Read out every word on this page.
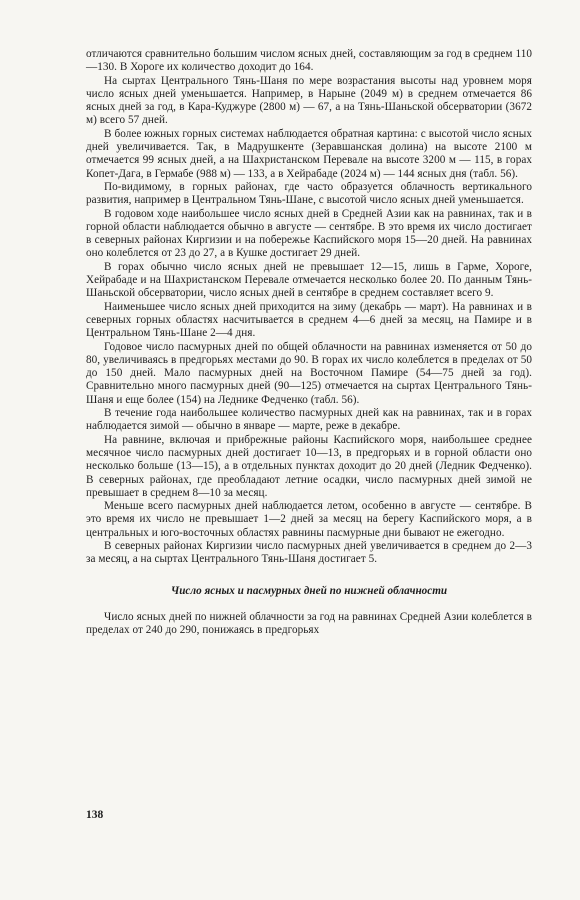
отличаются сравнительно большим числом ясных дней, составляющим за год в среднем 110—130. В Хороге их количество доходит до 164.

На сыртах Центрального Тянь-Шаня по мере возрастания высоты над уровнем моря число ясных дней уменьшается. Например, в Нарыне (2049 м) в среднем отмечается 86 ясных дней за год, в Кара-Куджуре (2800 м) — 67, а на Тянь-Шаньской обсерватории (3672 м) всего 57 дней.

В более южных горных системах наблюдается обратная картина: с высотой число ясных дней увеличивается. Так, в Мадрушкенте (Зеравшанская долина) на высоте 2100 м отмечается 99 ясных дней, а на Шахристанском Перевале на высоте 3200 м — 115, в горах Копет-Дага, в Гермабе (988 м) — 133, а в Хейрабаде (2024 м) — 144 ясных дня (табл. 56).

По-видимому, в горных районах, где часто образуется облачность вертикального развития, например в Центральном Тянь-Шане, с высотой число ясных дней уменьшается.

В годовом ходе наибольшее число ясных дней в Средней Азии как на равнинах, так и в горной области наблюдается обычно в августе — сентябре. В это время их число достигает в северных районах Киргизии и на побережье Каспийского моря 15—20 дней. На равнинах оно колеблется от 23 до 27, а в Кушке достигает 29 дней.

В горах обычно число ясных дней не превышает 12—15, лишь в Гарме, Хороге, Хейрабаде и на Шахристанском Перевале отмечается несколько более 20. По данным Тянь-Шаньской обсерватории, число ясных дней в сентябре в среднем составляет всего 9.

Наименьшее число ясных дней приходится на зиму (декабрь — март). На равнинах и в северных горных областях насчитывается в среднем 4—6 дней за месяц, на Памире и в Центральном Тянь-Шане 2—4 дня.

Годовое число пасмурных дней по общей облачности на равнинах изменяется от 50 до 80, увеличиваясь в предгорьях местами до 90. В горах их число колеблется в пределах от 50 до 150 дней. Мало пасмурных дней на Восточном Памире (54—75 дней за год). Сравнительно много пасмурных дней (90—125) отмечается на сыртах Центрального Тянь-Шаня и еще более (154) на Леднике Федченко (табл. 56).

В течение года наибольшее количество пасмурных дней как на равнинах, так и в горах наблюдается зимой — обычно в январе — марте, реже в декабре.

На равнине, включая и прибрежные районы Каспийского моря, наибольшее среднее месячное число пасмурных дней достигает 10—13, в предгорьях и в горной области оно несколько больше (13—15), а в отдельных пунктах доходит до 20 дней (Ледник Федченко). В северных районах, где преобладают летние осадки, число пасмурных дней зимой не превышает в среднем 8—10 за месяц.

Меньше всего пасмурных дней наблюдается летом, особенно в августе — сентябре. В это время их число не превышает 1—2 дней за месяц на берегу Каспийского моря, а в центральных и юго-восточных областях равнины пасмурные дни бывают не ежегодно.

В северных районах Киргизии число пасмурных дней увеличивается в среднем до 2—3 за месяц, а на сыртах Центрального Тянь-Шаня достигает 5.

Число ясных и пасмурных дней по нижней облачности

Число ясных дней по нижней облачности за год на равнинах Средней Азии колеблется в пределах от 240 до 290, понижаясь в предгорьях

138
